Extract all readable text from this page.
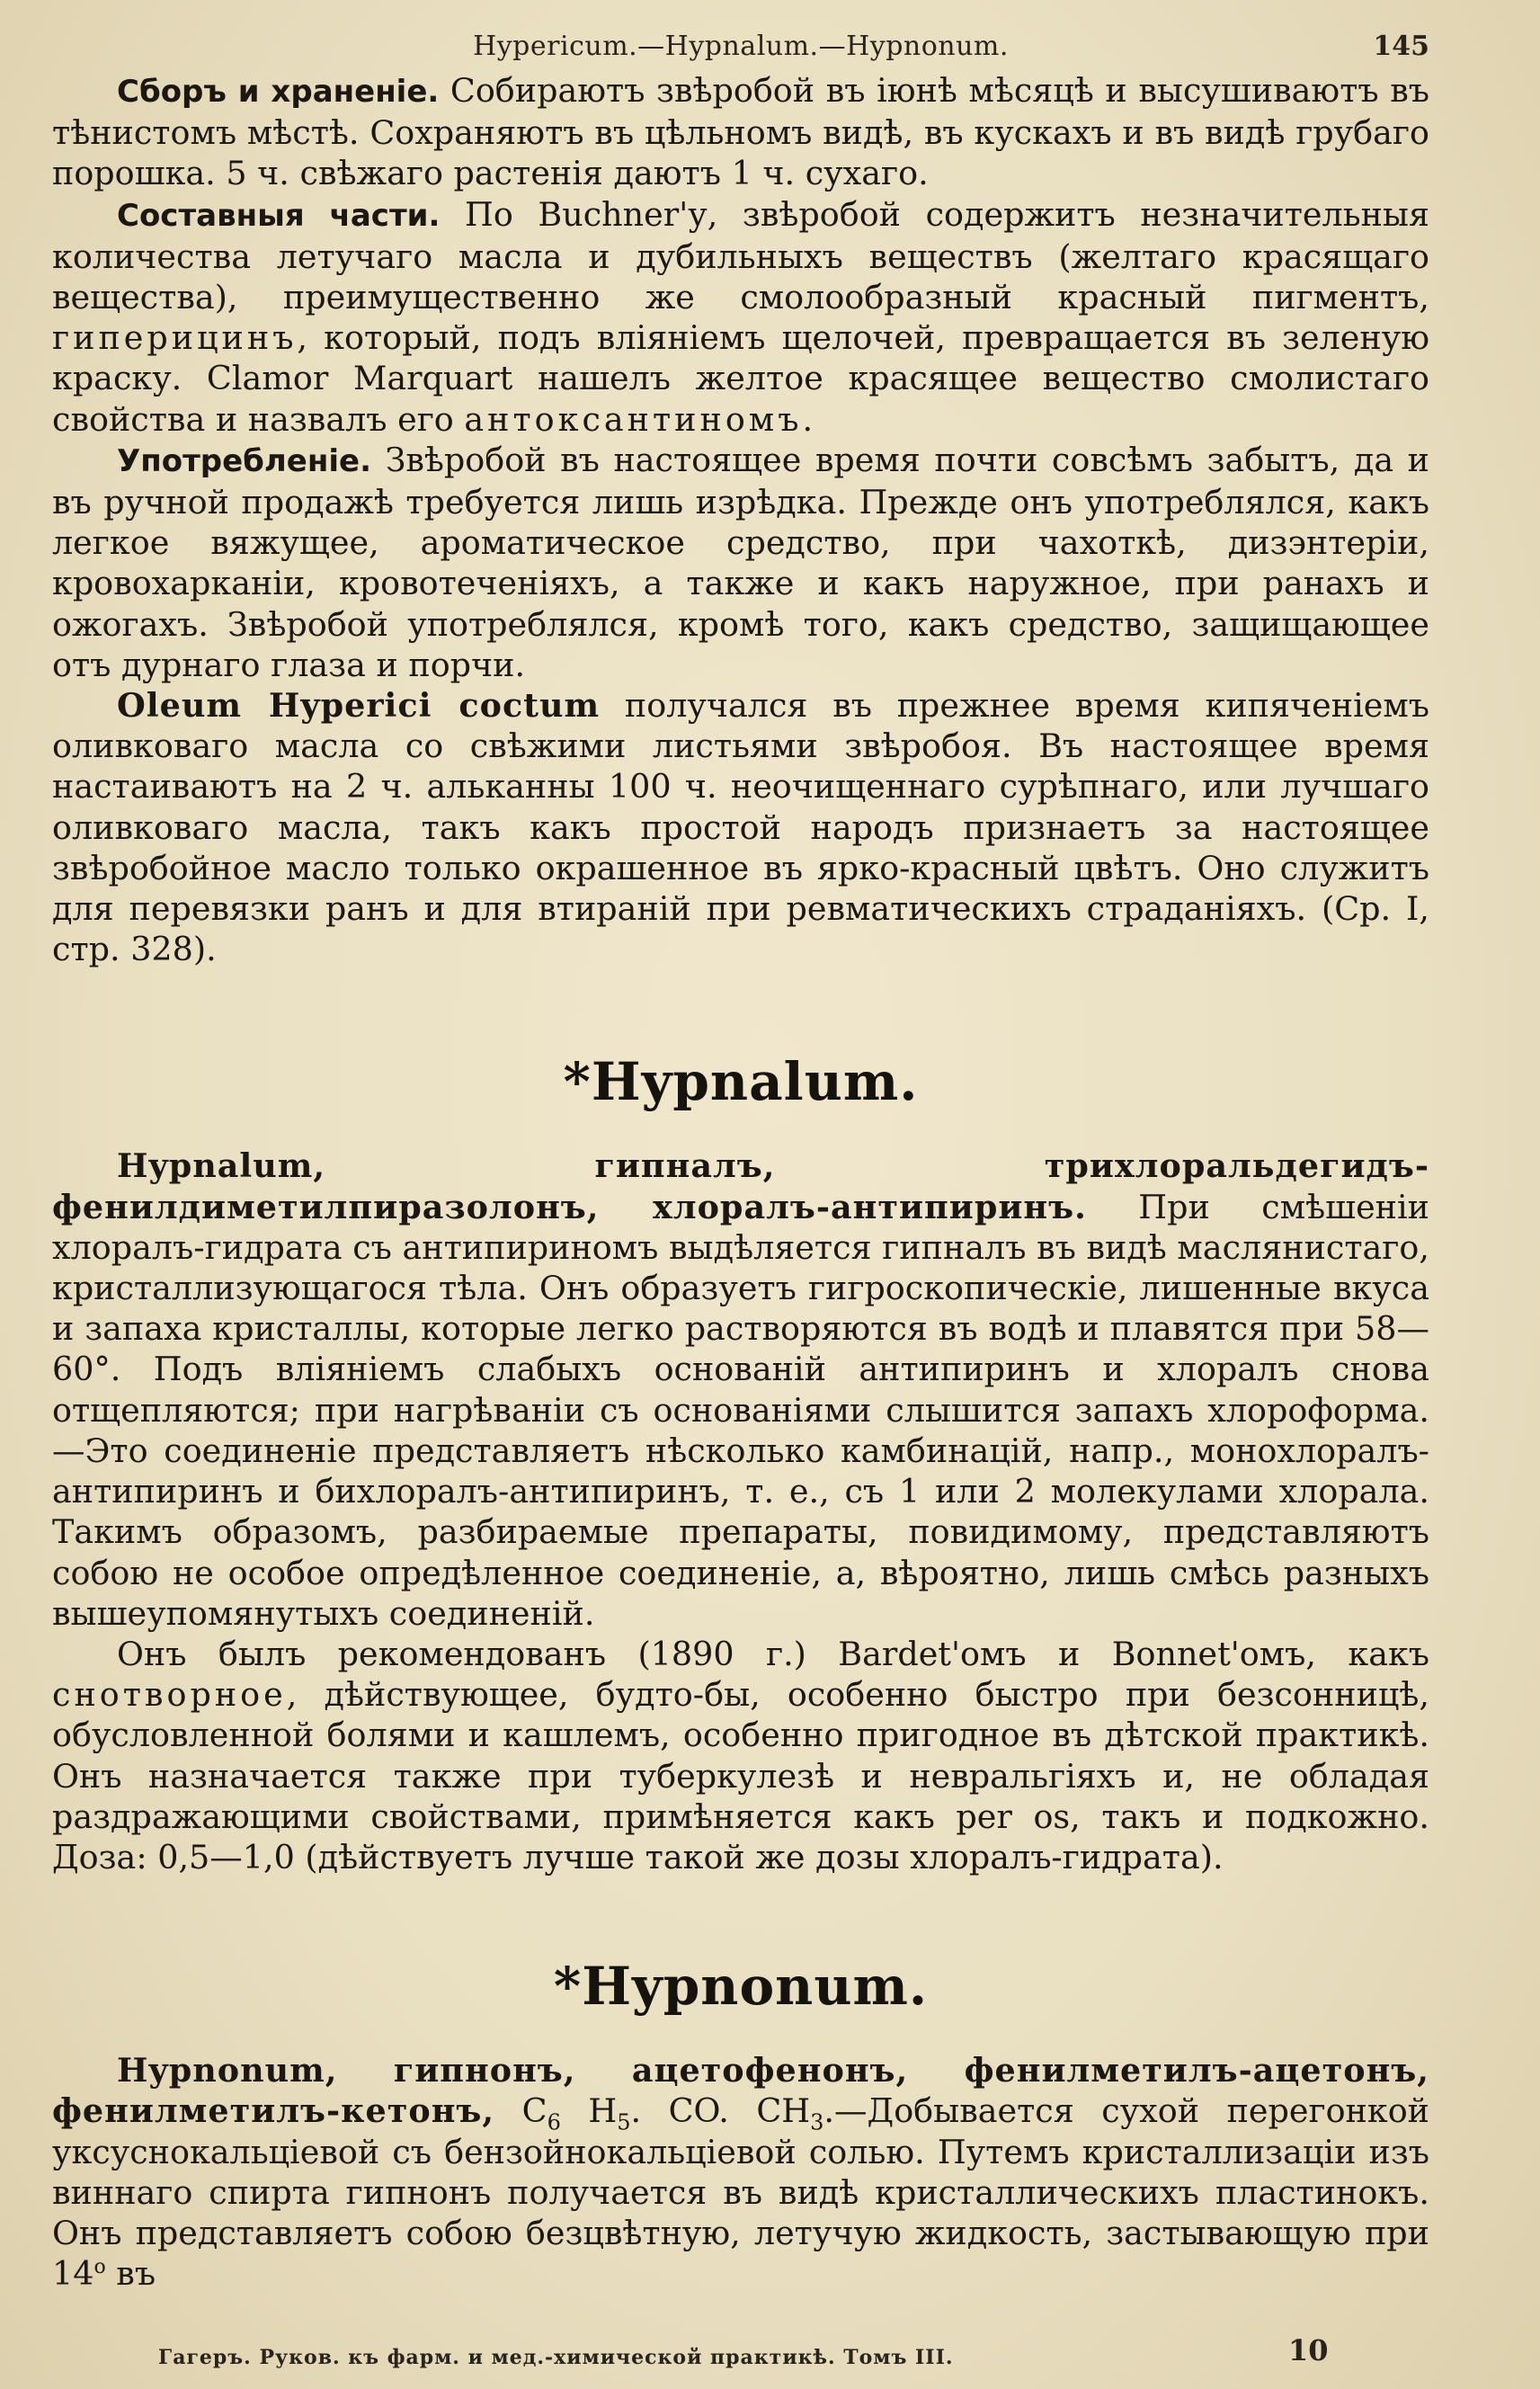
Hypericum.—Hypnalum.—Hypnonum.	145

Сборъ и храненіе. Собираютъ звѣробой въ іюнѣ мѣсяцѣ и высушиваютъ въ тѣнистомъ мѣстѣ. Сохраняютъ въ цѣльномъ видѣ, въ кускахъ и въ видѣ грубаго порошка. 5 ч. свѣжаго растенія даютъ 1 ч. сухаго.

Составныя части. По Buchner'у, звѣробой содержитъ незначительныя количества летучаго масла и дубильныхъ веществъ (желтаго красящаго вещества), преимущественно же смолообразный красный пигментъ, гиперицинъ, который, подъ вліяніемъ щелочей, превращается въ зеленую краску. Clamor Marquart нашелъ желтое красящее вещество смолистаго свойства и назвалъ его антоксантиномъ.

Употребленіе. Звѣробой въ настоящее время почти совсѣмъ забытъ, да и въ ручной продажѣ требуется лишь изрѣдка. Прежде онъ употреблялся, какъ легкое вяжущее, ароматическое средство, при чахоткѣ, дизэнтеріи, кровохарканіи, кровотеченіяхъ, а также и какъ наружное, при ранахъ и ожогахъ. Звѣробой употреблялся, кромѣ того, какъ средство, защищающее отъ дурнаго глаза и порчи.

Oleum Hyperici coctum получался въ прежнее время кипяченіемъ оливковаго масла со свѣжими листьями звѣробоя. Въ настоящее время настаиваютъ на 2 ч. альканны 100 ч. неочищеннаго сурѣпнаго, или лучшаго оливковаго масла, такъ какъ простой народъ признаетъ за настоящее звѣробойное масло только окрашенное въ ярко-красный цвѣтъ. Оно служитъ для перевязки ранъ и для втираній при ревматическихъ страданіяхъ. (Ср. I, стр. 328).

*Hypnalum.

Hypnalum, гипналъ, трихлоральдегидъ-фенилдиметилпиразолонъ, хлоралъ-антипиринъ. При смѣшеніи хлоралъ-гидрата съ антипириномъ выдѣляется гипналъ въ видѣ маслянистаго, кристаллизующагося тѣла. Онъ образуетъ гигроскопическіе, лишенные вкуса и запаха кристаллы, которые легко растворяются въ водѣ и плавятся при 58—60°. Подъ вліяніемъ слабыхъ основаній антипиринъ и хлоралъ снова отщепляются; при нагрѣваніи съ основаніями слышится запахъ хлороформа.—Это соединеніе представляетъ нѣсколько камбинацій, напр., монохлоралъ-антипиринъ и бихлоралъ-антипиринъ, т. е., съ 1 или 2 молекулами хлорала. Такимъ образомъ, разбираемые препараты, повидимому, представляютъ собою не особое опредѣленное соединеніе, а, вѣроятно, лишь смѣсь разныхъ вышеупомянутыхъ соединеній.

Онъ былъ рекомендованъ (1890 г.) Bardet'омъ и Bonnet'омъ, какъ снотворное, дѣйствующее, будто-бы, особенно быстро при безсонницѣ, обусловленной болями и кашлемъ, особенно пригодное въ дѣтской практикѣ. Онъ назначается также при туберкулезѣ и невральгіяхъ и, не обладая раздражающими свойствами, примѣняется какъ per os, такъ и подкожно. Доза: 0,5—1,0 (дѣйствуетъ лучше такой же дозы хлоралъ-гидрата).

*Hypnonum.

Hypnonum, гипнонъ, ацетофенонъ, фенилметилъ-ацетонъ, фенилметилъ-кетонъ, $C_6$ $H_5$. CO. $CH_3.—Добывается$ сухой перегонкой уксуснокальціевой съ бензойнокальціевой солью. Путемъ кристаллизаціи изъ виннаго спирта гипнонъ получается въ видѣ кристаллическихъ пластинокъ. Онъ представляетъ собою безцвѣтную, летучую жидкость, застывающую при 14$^o$ въ

Гагеръ. Руков. къ фарм. и мед.-химической практикѣ. Томъ III.	10
